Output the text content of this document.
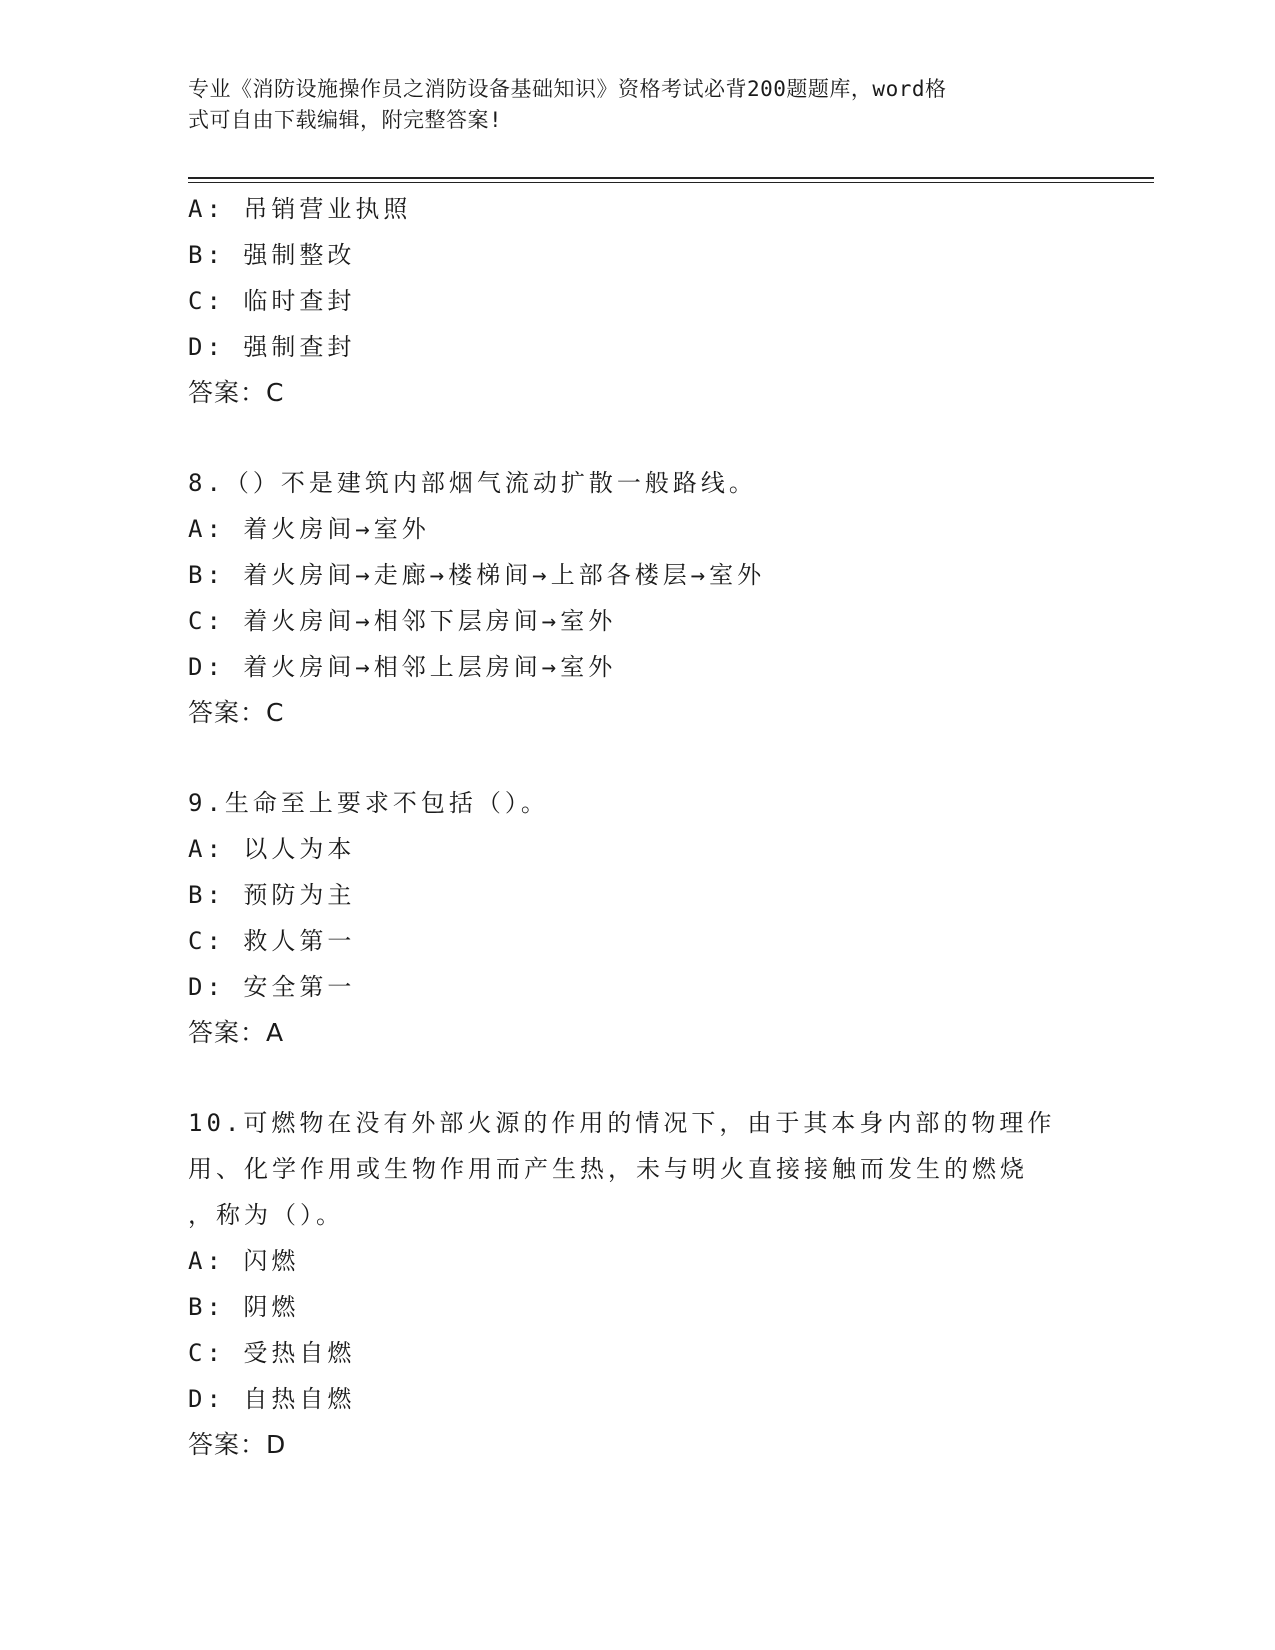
专业《消防设施操作员之消防设备基础知识》资格考试必背200题题库，word格
式可自由下载编辑，附完整答案!
A: 吊销营业执照
B: 强制整改
C: 临时查封
D: 强制查封
答案：C
8.（）不是建筑内部烟气流动扩散一般路线。
A: 着火房间→室外
B: 着火房间→走廊→楼梯间→上部各楼层→室外
C: 着火房间→相邻下层房间→室外
D: 着火房间→相邻上层房间→室外
答案：C
9.生命至上要求不包括（）。
A: 以人为本
B: 预防为主
C: 救人第一
D: 安全第一
答案：A
10.可燃物在没有外部火源的作用的情况下，由于其本身内部的物理作
用、化学作用或生物作用而产生热，未与明火直接接触而发生的燃烧
，称为（）。
A: 闪燃
B: 阴燃
C: 受热自燃
D: 自热自燃
答案：D
